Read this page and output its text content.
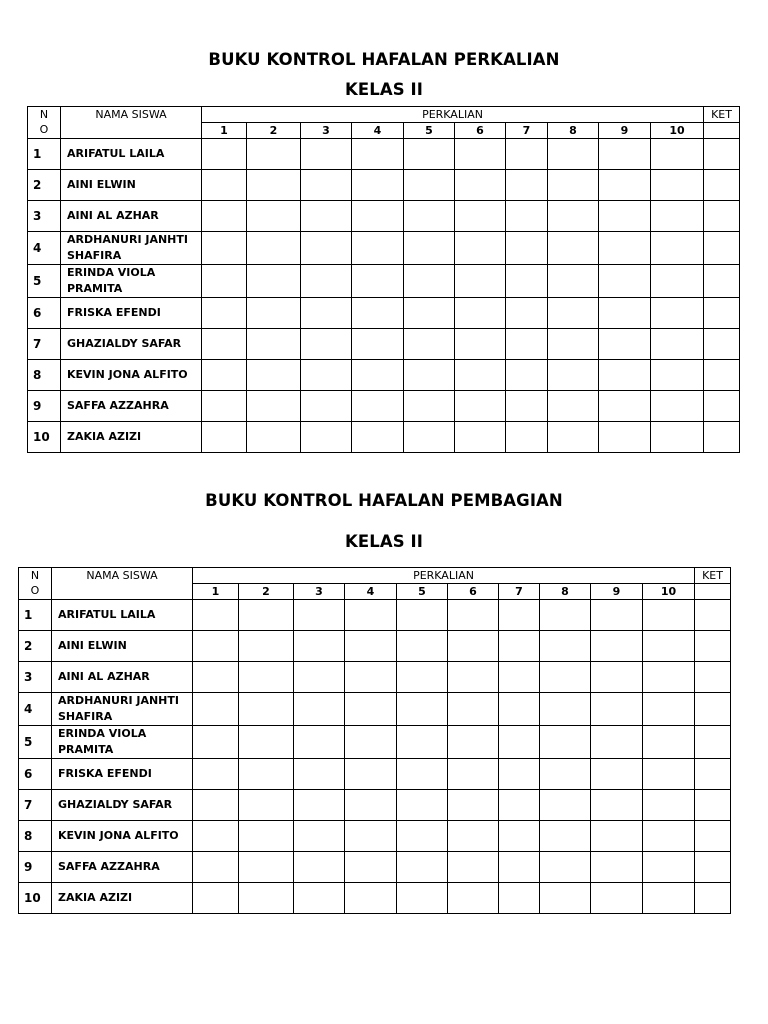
BUKU KONTROL HAFALAN PERKALIAN
KELAS II
N
O	NAMA SISWA	PERKALIAN										KET
		1	2	3	4	5	6	7	8	9	10	
1	ARIFATUL LAILA											
2	AINI ELWIN											
3	AINI AL AZHAR											
4	ARDHANURI JANHTI SHAFIRA											
5	ERINDA VIOLA PRAMITA											
6	FRISKA EFENDI											
7	GHAZIALDY SAFAR											
8	KEVIN JONA ALFITO											
9	SAFFA AZZAHRA											
10	ZAKIA AZIZI											
BUKU KONTROL HAFALAN PEMBAGIAN
KELAS II
N
O	NAMA SISWA	PERKALIAN										KET
		1	2	3	4	5	6	7	8	9	10	
1	ARIFATUL LAILA											
2	AINI ELWIN											
3	AINI AL AZHAR											
4	ARDHANURI JANHTI SHAFIRA											
5	ERINDA VIOLA PRAMITA											
6	FRISKA EFENDI											
7	GHAZIALDY SAFAR											
8	KEVIN JONA ALFITO											
9	SAFFA AZZAHRA											
10	ZAKIA AZIZI											
